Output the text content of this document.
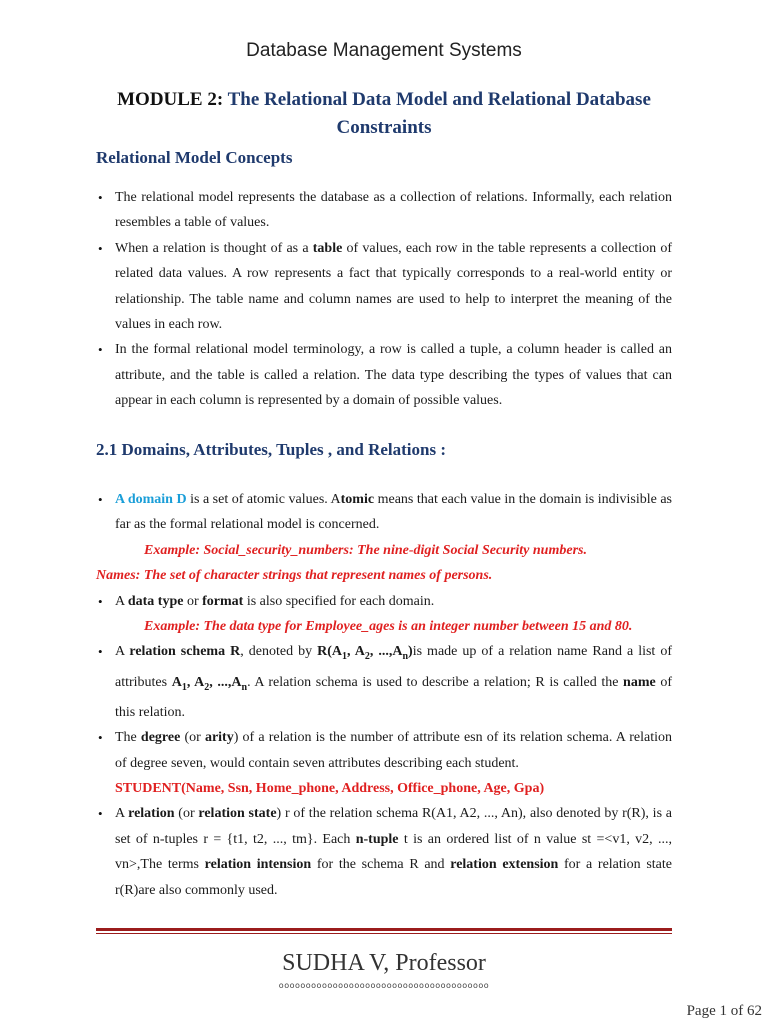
Database Management Systems
MODULE 2: The Relational Data Model and Relational Database Constraints
Relational Model Concepts
• The relational model represents the database as a collection of relations. Informally, each relation resembles a table of values.
• When a relation is thought of as a table of values, each row in the table represents a collection of related data values. A row represents a fact that typically corresponds to a real-world entity or relationship. The table name and column names are used to help to interpret the meaning of the values in each row.
• In the formal relational model terminology, a row is called a tuple, a column header is called an attribute, and the table is called a relation. The data type describing the types of values that can appear in each column is represented by a domain of possible values.
2.1 Domains, Attributes, Tuples , and Relations :
• A domain D is a set of atomic values. Atomic means that each value in the domain is indivisible as far as the formal relational model is concerned.
Example: Social_security_numbers: The nine-digit Social Security numbers.
Names: The set of character strings that represent names of persons.
• A data type or format is also specified for each domain.
Example: The data type for Employee_ages is an integer number between 15 and 80.
• A relation schema R, denoted by $R(A_1$, $A_2$, $...,A_n)is$ made up of a relation name Rand a list of attributes $A_1$, $A_2$, $...,A_n$. A relation schema is used to describe a relation; R is called the name of this relation.
• The degree (or arity) of a relation is the number of attribute esn of its relation schema. A relation of degree seven, would contain seven attributes describing each student.
STUDENT(Name, Ssn, Home_phone, Address, Office_phone, Age, Gpa)
• A relation (or relation state) r of the relation schema R(A1, A2, ..., An), also denoted by r(R), is a set of n-tuples r = {t1, t2, ..., tm}. Each n-tuple t is an ordered list of n value st =<v1, v2, ..., vn>,The terms relation intension for the schema R and relation extension for a relation state r(R)are also commonly used.
SUDHA V, Professor
ooooooooooooooooooooooooooooooooooooooo
Page 1 of 62
